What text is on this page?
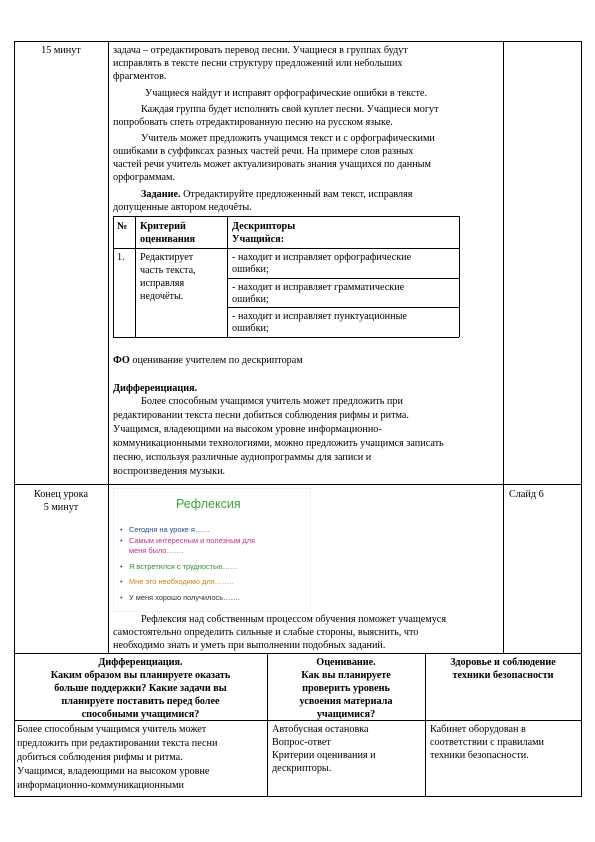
15 минут	задача – отредактировать перевод песни. Учащиеся в группах будут
исправлять в тексте песни структуру предложений или небольших
фрагментов.
Учащиеся найдут и исправят орфографические ошибки в тексте.
Каждая группа будет исполнять свой куплет песни. Учащиеся могут
попробовать спеть отредактированную песню на русском языке.
Учитель может предложить учащимся текст и с орфографическими
ошибками в суффиксах разных частей речи. На примере слов разных
частей речи учитель может актуализировать знания учащихся по данным
орфограммам.
Задание. Отредактируйте предложенный вам текст, исправляя
допущенные автором недочёты.
№ Критерий
оценивания
Дескрипторы
Учащийся:
1. Редактирует
часть текста,
исправляя
недочёты.
- находит и исправляет орфографические
ошибки;
- находит и исправляет грамматические
ошибки;
- находит и исправляет пунктуационные
ошибки;
ФО оценивание учителем по дескрипторам
Дифференциация.
Более способным учащимся учитель может предложить при
редактировании текста песни добиться соблюдения рифмы и ритма.
Учащимся, владеющими на высоком уровне информационно-
коммуникационными технологиями, можно предложить учащимся записать
песню, используя различные аудиопрограммы для записи и
воспроизведения музыки.
Конец урока
5 минут
Слайд 6
Рефлексия
• Сегодня на уроке я……
• Самым интересным и полезным для
меня было…….
• Я встретился с трудностью……
• Мне это необходимо для……..
• У меня хорошо получилось…….
Рефлексия над собственным процессом обучения поможет учащемуся
самостоятельно определить сильные и слабые стороны, выяснить, что
необходимо знать и уметь при выполнении подобных заданий.
Дифференциация.
Каким образом вы планируете оказать
больше поддержки? Какие задачи вы
планируете поставить перед более
способными учащимися?
Оценивание.
Как вы планируете
проверить уровень
усвоения материала
учащимися?
Здоровье и соблюдение
техники безопасности
Более способным учащимся учитель может
предложить при редактировании текста песни
добиться соблюдения рифмы и ритма.
Учащимся, владеющими на высоком уровне
информационно-коммуникационными
Автобусная остановка
Вопрос-ответ
Критерии оценивания и
дескрипторы.
Кабинет оборудован в
соответствии с правилами
техники безопасности.
